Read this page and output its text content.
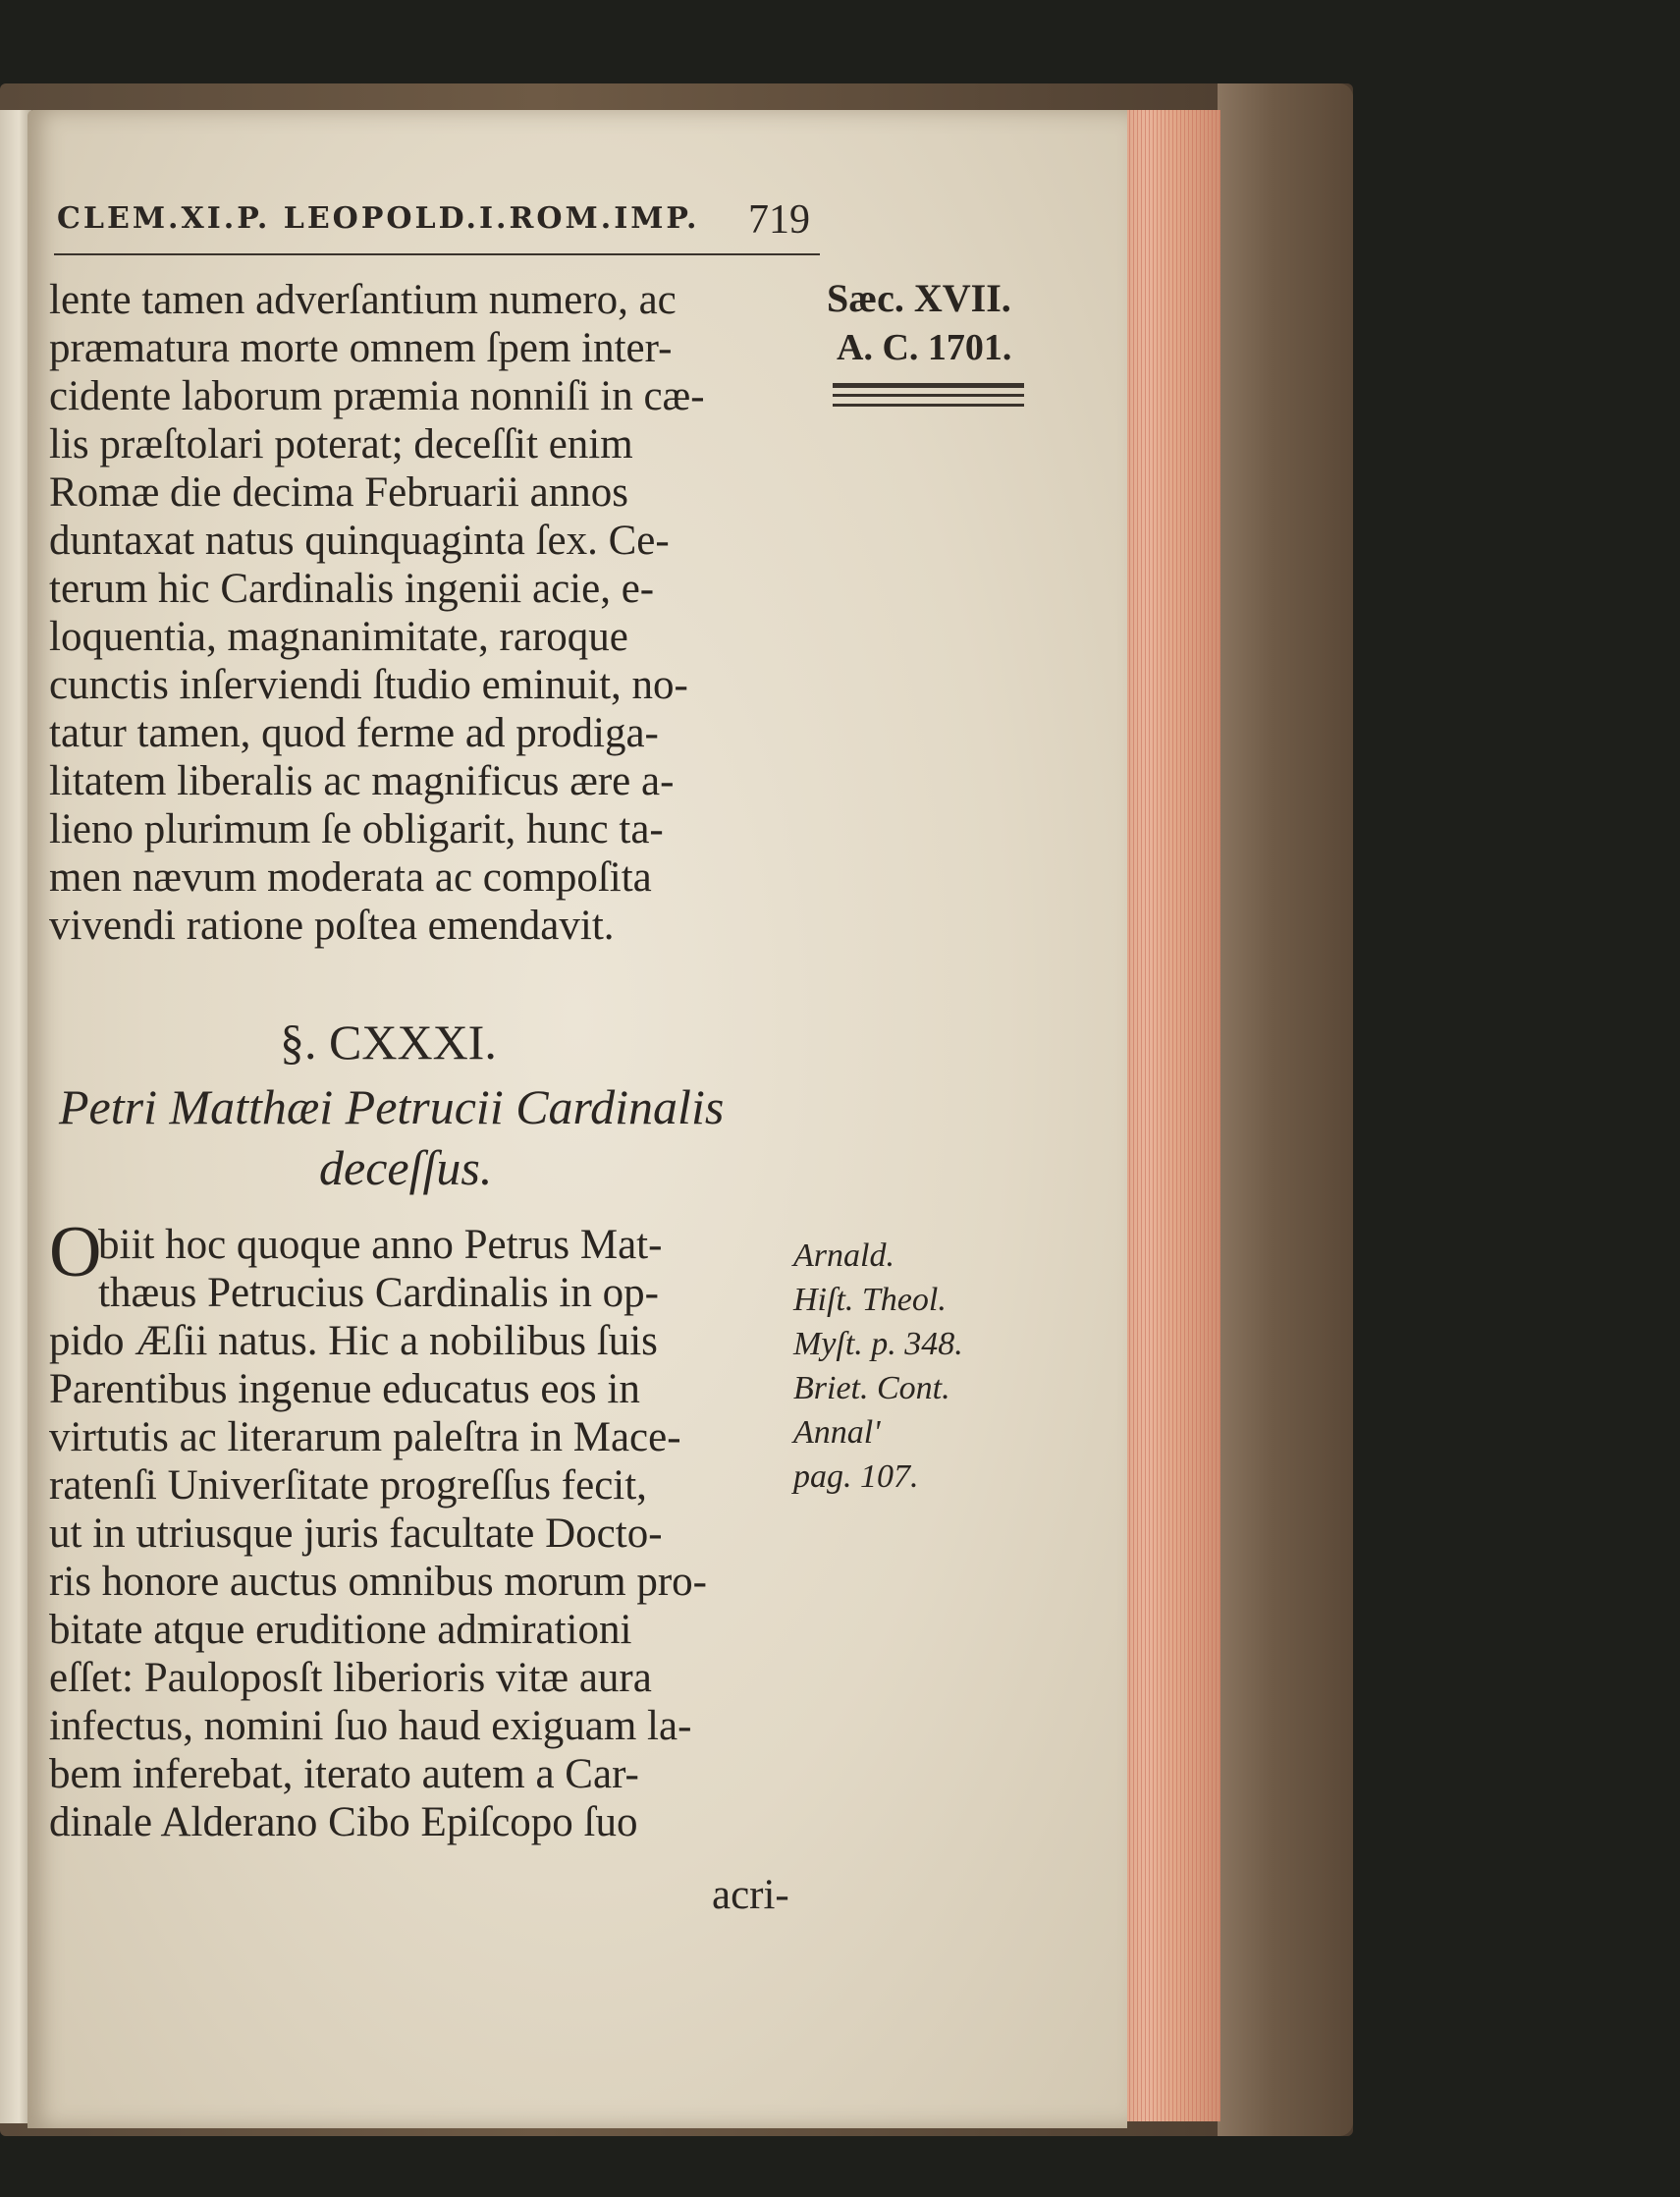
CLEM.XI.P. LEOPOLD.I.ROM.IMP. 719
Sæc. XVII.
A. C. 1701.
lente tamen adverſantium numero, ac
præmatura morte omnem ſpem inter-
cidente laborum præmia nonniſi in cæ-
lis præſtolari poterat; deceſſit enim
Romæ die decima Februarii annos
duntaxat natus quinquaginta ſex. Ce-
terum hic Cardinalis ingenii acie, e-
loquentia, magnanimitate, raroque
cunctis inſerviendi ſtudio eminuit, no-
tatur tamen, quod ferme ad prodiga-
litatem liberalis ac magnificus ære a-
lieno plurimum ſe obligarit, hunc ta-
men nævum moderata ac compoſita
vivendi ratione poſtea emendavit.
§. CXXXI.
Petri Matthæi Petrucii Cardinalis
deceſſus.
O
biit hoc quoque anno Petrus Mat-
thæus Petrucius Cardinalis in op-
pido Æſii natus. Hic a nobilibus ſuis
Parentibus ingenue educatus eos in
virtutis ac literarum paleſtra in Mace-
ratenſi Univerſitate progreſſus fecit,
ut in utriusque juris facultate Docto-
ris honore auctus omnibus morum pro-
bitate atque eruditione admirationi
eſſet: Pauloposſt liberioris vitæ aura
infectus, nomini ſuo haud exiguam la-
bem inferebat, iterato autem a Car-
dinale Alderano Cibo Epiſcopo ſuo
acri-
Arnald.
Hiſt. Theol.
Myſt. p. 348.
Briet. Cont.
Annal'
pag. 107.
